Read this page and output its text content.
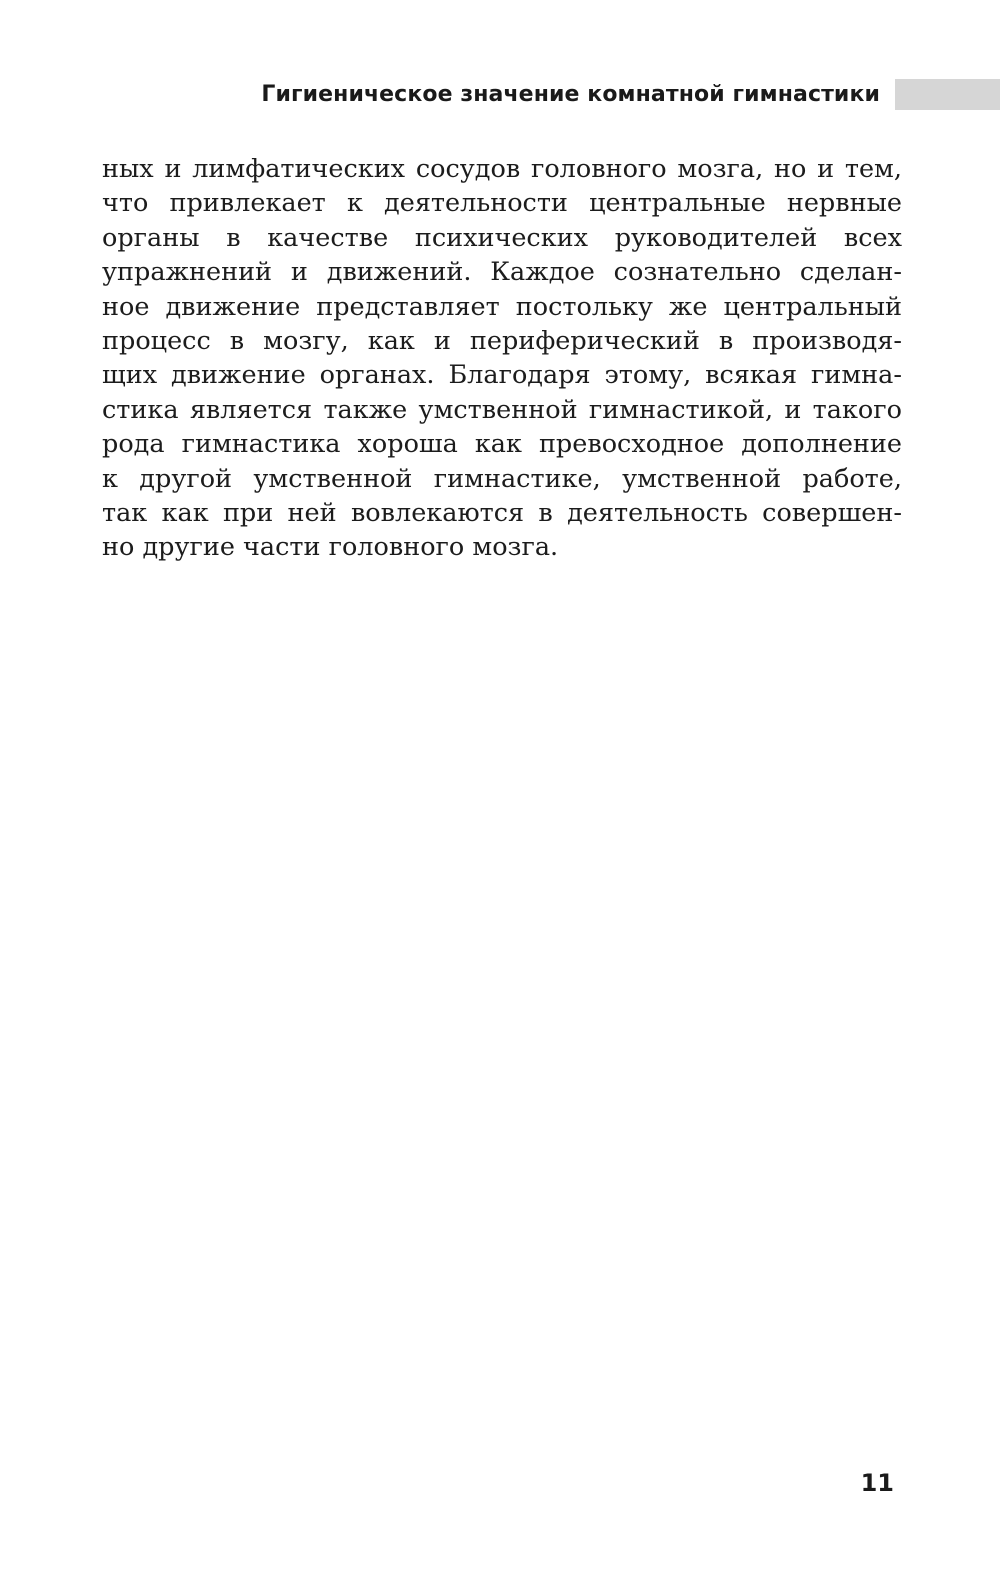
Гигиеническое значение комнатной гимнастики
ных и лимфатических сосудов головного мозга, но и тем,
что привлекает к деятельности центральные нервные
органы в качестве психических руководителей всех
упражнений и движений. Каждое сознательно сделан-
ное движение представляет постольку же центральный
процесс в мозгу, как и периферический в производя-
щих движение органах. Благодаря этому, всякая гимна-
стика является также умственной гимнастикой, и такого
рода гимнастика хороша как превосходное дополнение
к другой умственной гимнастике, умственной работе,
так как при ней вовлекаются в деятельность совершен-
но другие части головного мозга.
11
